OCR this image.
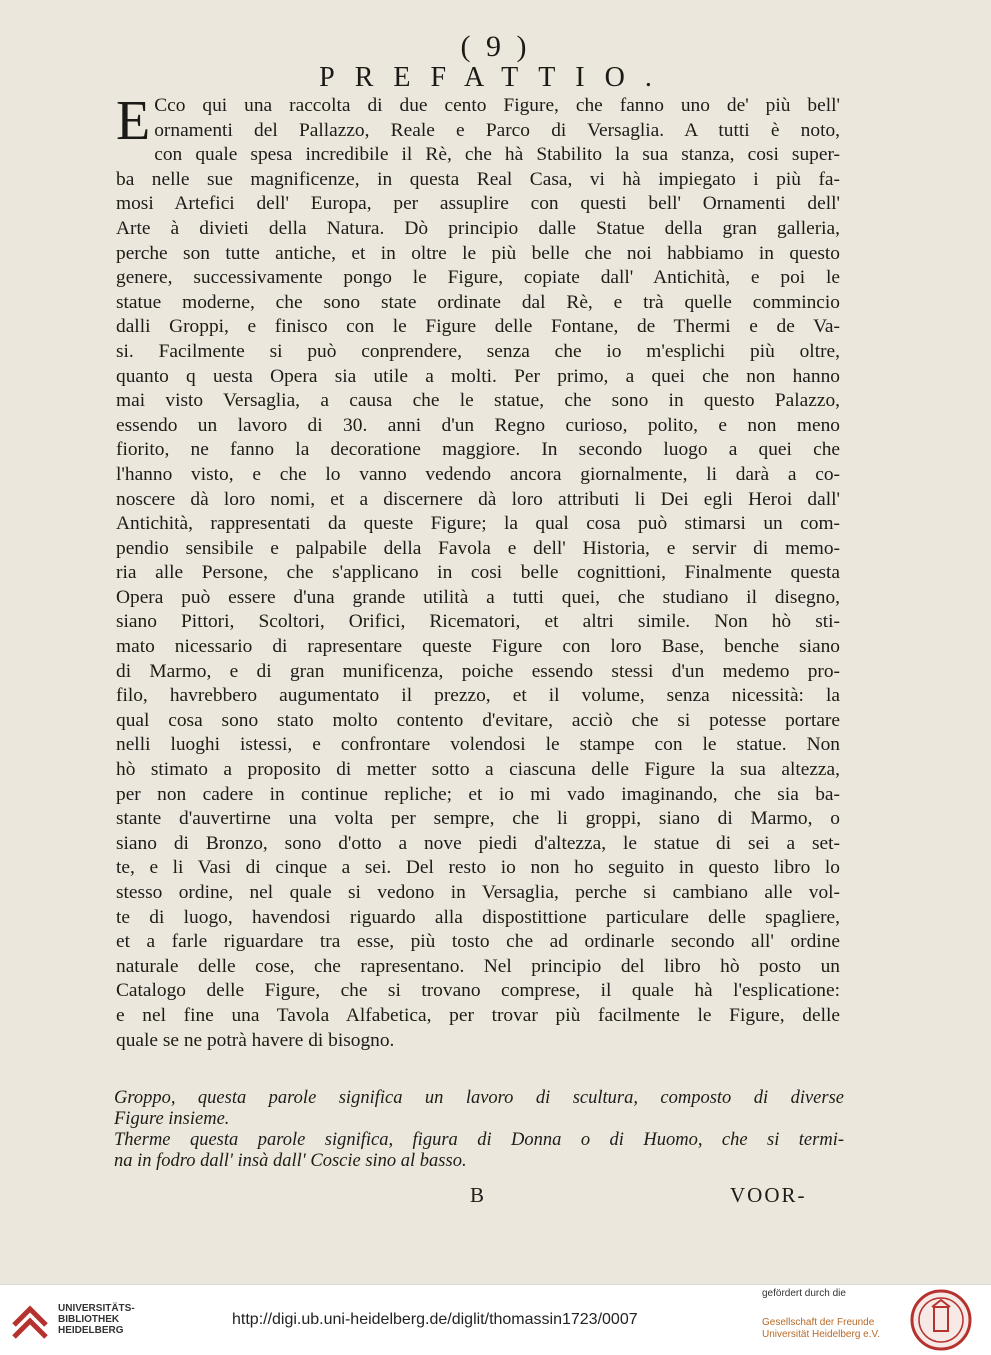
( 9 )
PREFATTIO.
E Cco qui una raccolta di due cento Figure, che fanno uno de' più bell'
ornamenti del Pallazzo, Reale e Parco di Versaglia. A tutti è noto,
con quale spesa incredibile il Rè, che hà Stabilito la sua stanza, cosi super-
ba nelle sue magnificenze, in questa Real Casa, vi hà impiegato i più fa-
mosi Artefici dell' Europa, per assuplire con questi bell' Ornamenti dell'
Arte à divieti della Natura. Dò principio dalle Statue della gran galleria,
perche son tutte antiche, et in oltre le più belle che noi habbiamo in questo
genere, successivamente pongo le Figure, copiate dall' Antichità, e poi le
statue moderne, che sono state ordinate dal Rè, e trà quelle commincio
dalli Groppi, e finisco con le Figure delle Fontane, de Thermi e de Va-
si. Facilmente si può conprendere, senza che io m'esplichi più oltre,
quanto q uesta Opera sia utile a molti. Per primo, a quei che non hanno
mai visto Versaglia, a causa che le statue, che sono in questo Palazzo,
essendo un lavoro di 30. anni d'un Regno curioso, polito, e non meno
fiorito, ne fanno la decoratione maggiore. In secondo luogo a quei che
l'hanno visto, e che lo vanno vedendo ancora giornalmente, li darà a co-
noscere dà loro nomi, et a discernere dà loro attributi li Dei egli Heroi dall'
Antichità, rappresentati da queste Figure; la qual cosa può stimarsi un com-
pendio sensibile e palpabile della Favola e dell' Historia, e servir di memo-
ria alle Persone, che s'applicano in cosi belle cognittioni, Finalmente questa
Opera può essere d'una grande utilità a tutti quei, che studiano il disegno,
siano Pittori, Scoltori, Orifici, Ricematori, et altri simile. Non hò sti-
mato nicessario di rapresentare queste Figure con loro Base, benche siano
di Marmo, e di gran munificenza, poiche essendo stessi d'un medemo pro-
filo, havrebbero augumentato il prezzo, et il volume, senza nicessità: la
qual cosa sono stato molto contento d'evitare, acciò che si potesse portare
nelli luoghi istessi, e confrontare volendosi le stampe con le statue. Non
hò stimato a proposito di metter sotto a ciascuna delle Figure la sua altezza,
per non cadere in continue repliche; et io mi vado imaginando, che sia ba-
stante d'auvertirne una volta per sempre, che li groppi, siano di Marmo, o
siano di Bronzo, sono d'otto a nove piedi d'altezza, le statue di sei a set-
te, e li Vasi di cinque a sei. Del resto io non ho seguito in questo libro lo
stesso ordine, nel quale si vedono in Versaglia, perche si cambiano alle vol-
te di luogo, havendosi riguardo alla dispostittione particulare delle spagliere,
et a farle riguardare tra esse, più tosto che ad ordinarle secondo all' ordine
naturale delle cose, che rapresentano. Nel principio del libro hò posto un
Catalogo delle Figure, che si trovano comprese, il quale hà l'esplicatione:
e nel fine una Tavola Alfabetica, per trovar più facilmente le Figure, delle
quale se ne potrà havere di bisogno.
Groppo, questa parole significa un lavoro di scultura, composto di diverse
Figure insieme.
Therme questa parole significa, figura di Donna o di Huomo, che si termi-
na in fodro dall' insà dall' Coscie sino al basso.
B	VOOR-
UNIVERSITÄTS-
BIBLIOTHEK
HEIDELBERG
http://digi.ub.uni-heidelberg.de/diglit/thomassin1723/0007
gefördert durch die
Gesellschaft der Freunde
Universität Heidelberg e.V.
